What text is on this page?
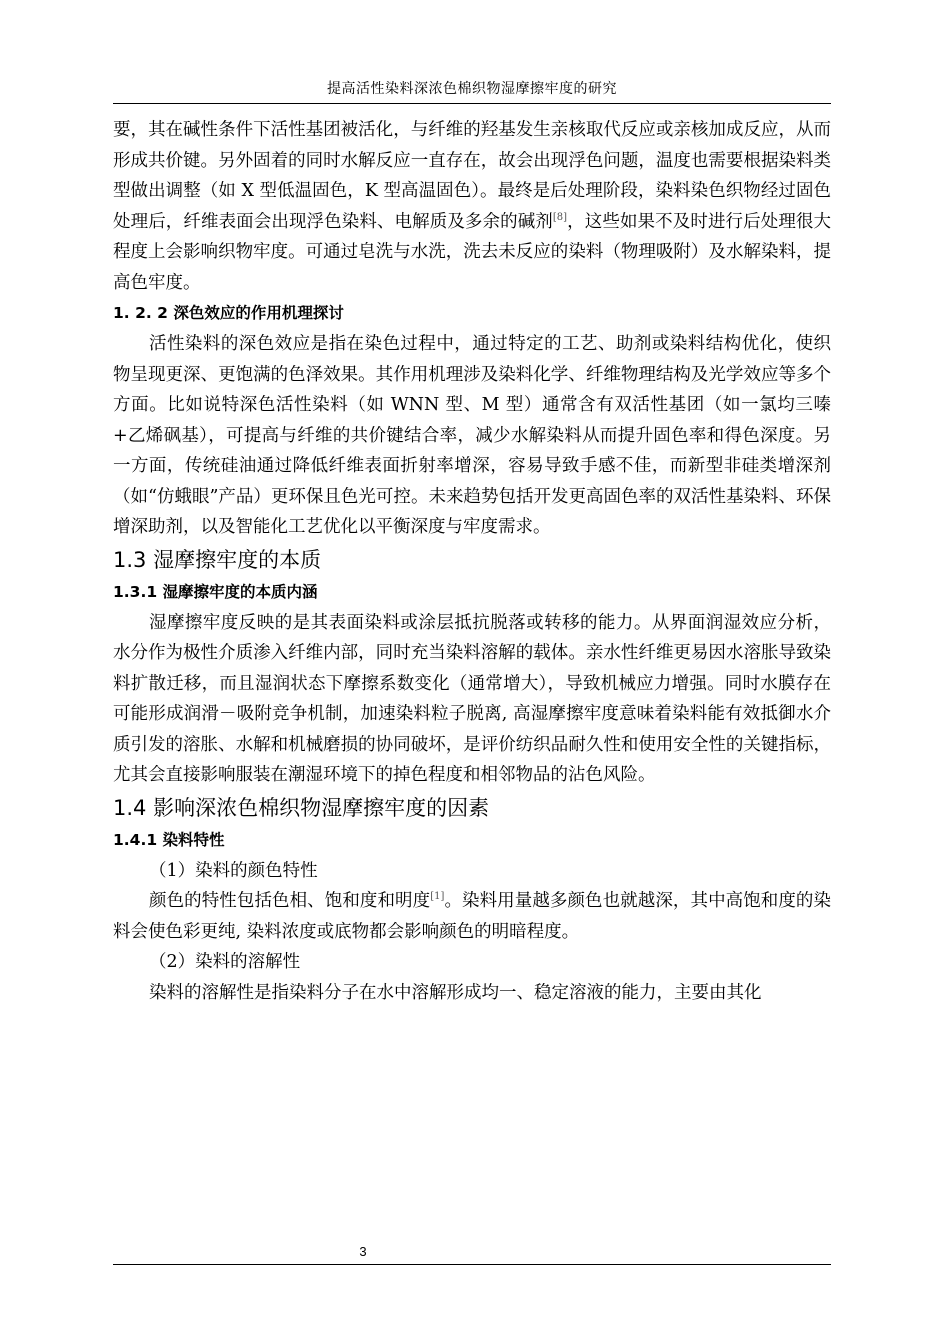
提高活性染料深浓色棉织物湿摩擦牢度的研究

要，其在碱性条件下活性基团被活化，与纤维的羟基发生亲核取代反应或亲核加成反应，从而形成共价键。另外固着的同时水解反应一直存在，故会出现浮色问题，温度也需要根据染料类型做出调整（如 X 型低温固色，K 型高温固色）。最终是后处理阶段，染料染色织物经过固色处理后，纤维表面会出现浮色染料、电解质及多余的碱剂[8]，这些如果不及时进行后处理很大程度上会影响织物牢度。可通过皂洗与水洗，洗去未反应的染料（物理吸附）及水解染料，提高色牢度。

1. 2. 2 深色效应的作用机理探讨

活性染料的深色效应是指在染色过程中，通过特定的工艺、助剂或染料结构优化，使织物呈现更深、更饱满的色泽效果。其作用机理涉及染料化学、纤维物理结构及光学效应等多个方面。比如说特深色活性染料（如 WNN 型、M 型）通常含有双活性基团（如一氯均三嗪+乙烯砜基），可提高与纤维的共价键结合率，减少水解染料从而提升固色率和得色深度。另一方面，传统硅油通过降低纤维表面折射率增深，容易导致手感不佳，而新型非硅类增深剂（如“仿蛾眼”产品）更环保且色光可控。未来趋势包括开发更高固色率的双活性基染料、环保增深助剂，以及智能化工艺优化以平衡深度与牢度需求。

1.3 湿摩擦牢度的本质

1.3.1 湿摩擦牢度的本质内涵

湿摩擦牢度反映的是其表面染料或涂层抵抗脱落或转移的能力。从界面润湿效应分析，水分作为极性介质渗入纤维内部，同时充当染料溶解的载体。亲水性纤维更易因水溶胀导致染料扩散迁移，而且湿润状态下摩擦系数变化（通常增大），导致机械应力增强。同时水膜存在可能形成润滑－吸附竞争机制，加速染料粒子脱离, 高湿摩擦牢度意味着染料能有效抵御水介质引发的溶胀、水解和机械磨损的协同破坏，是评价纺织品耐久性和使用安全性的关键指标，尤其会直接影响服装在潮湿环境下的掉色程度和相邻物品的沾色风险。

1.4 影响深浓色棉织物湿摩擦牢度的因素

1.4.1 染料特性

（1）染料的颜色特性

颜色的特性包括色相、饱和度和明度[1]。染料用量越多颜色也就越深，其中高饱和度的染料会使色彩更纯, 染料浓度或底物都会影响颜色的明暗程度。

（2）染料的溶解性

染料的溶解性是指染料分子在水中溶解形成均一、稳定溶液的能力，主要由其化

3
